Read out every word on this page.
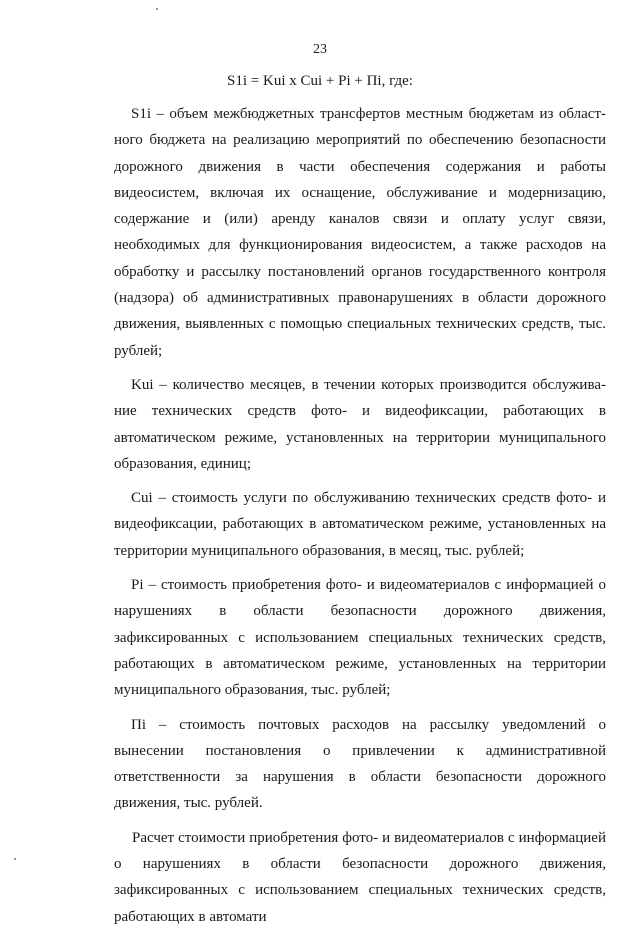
23
S1i = Kui x Cui + Pi + Пi, где:

S1i – объем межбюджетных трансфертов местным бюджетам из областного бюджета на реализацию мероприятий по обеспечению безопасности дорожного движения в части обеспечения содержания и работы видеосистем, включая их оснащение, обслуживание и модернизацию, содержание и (или) аренду каналов связи и оплату услуг связи, необходимых для функционирования видеосистем, а также расходов на обработку и рассылку постановлений органов государственного контроля (надзора) об административных правонарушениях в области дорожного движения, выявленных с помощью специальных технических средств, тыс. рублей;

Kui – количество месяцев, в течении которых производится обслуживание технических средств фото- и видеофиксации, работающих в автоматическом режиме, установленных на территории муниципального образования, единиц;

Cui – стоимость услуги по обслуживанию технических средств фото- и видеофиксации, работающих в автоматическом режиме, установленных на территории муниципального образования, в месяц, тыс. рублей;

Pi – стоимость приобретения фото- и видеоматериалов с информацией о нарушениях в области безопасности дорожного движения, зафиксированных с использованием специальных технических средств, работающих в автоматическом режиме, установленных на территории муниципального образования, тыс. рублей;

Пi – стоимость почтовых расходов на рассылку уведомлений о вынесении постановления о привлечении к административной ответственности за нарушения в области безопасности дорожного движения, тыс. рублей.

Расчет стоимости приобретения фото- и видеоматериалов с информацией о нарушениях в области безопасности дорожного движения, зафиксированных с использованием специальных технических средств, работающих в автомати
